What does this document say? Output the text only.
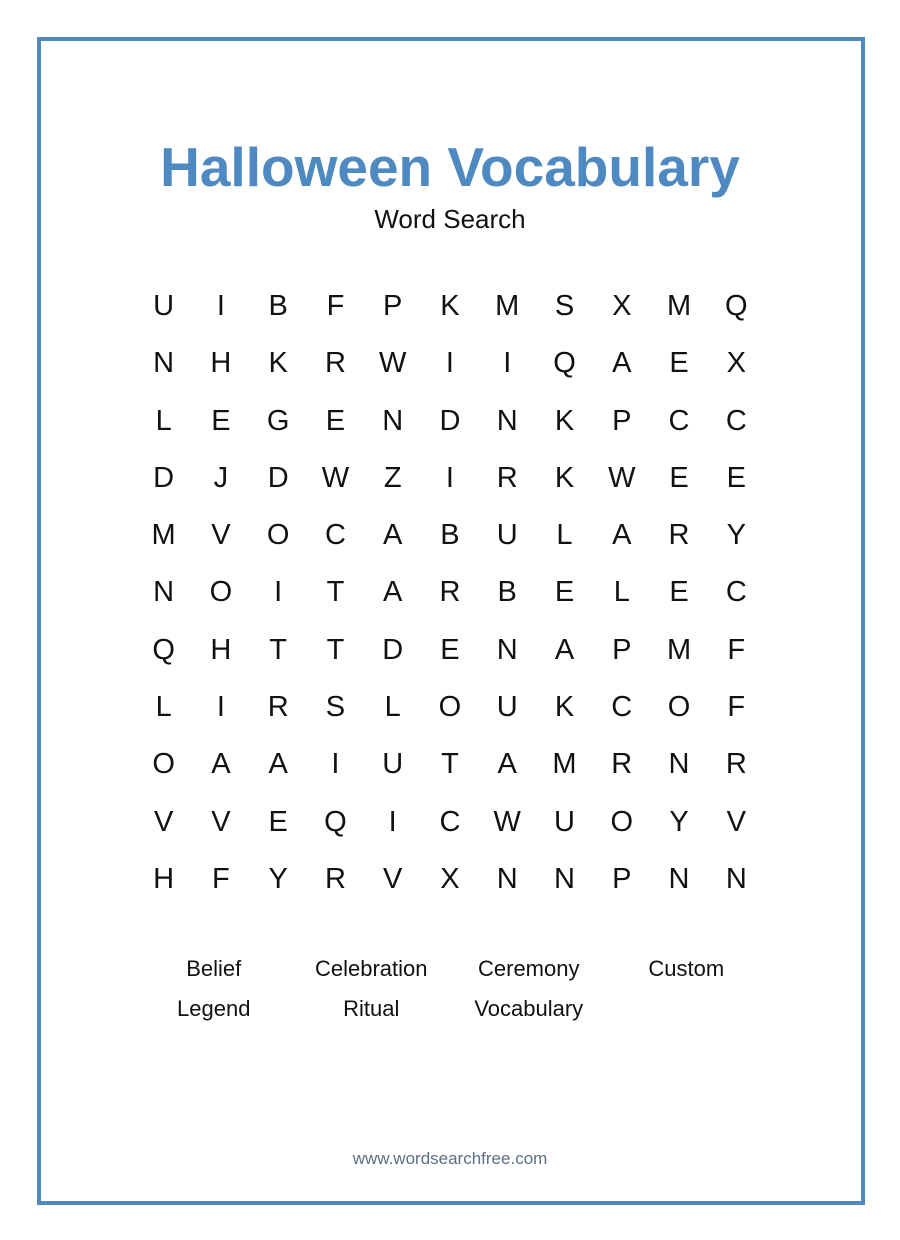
Halloween Vocabulary
Word Search
U	I	B	F	P	K	M	S	X	M	Q
N	H	K	R	W	I	I	Q	A	E	X
L	E	G	E	N	D	N	K	P	C	C
D	J	D	W	Z	I	R	K	W	E	E
M	V	O	C	A	B	U	L	A	R	Y
N	O	I	T	A	R	B	E	L	E	C
Q	H	T	T	D	E	N	A	P	M	F
L	I	R	S	L	O	U	K	C	O	F
O	A	A	I	U	T	A	M	R	N	R
V	V	E	Q	I	C	W	U	O	Y	V
H	F	Y	R	V	X	N	N	P	N	N
Belief	Celebration	Ceremony	Custom
Legend	Ritual	Vocabulary
www.wordsearchfree.com
